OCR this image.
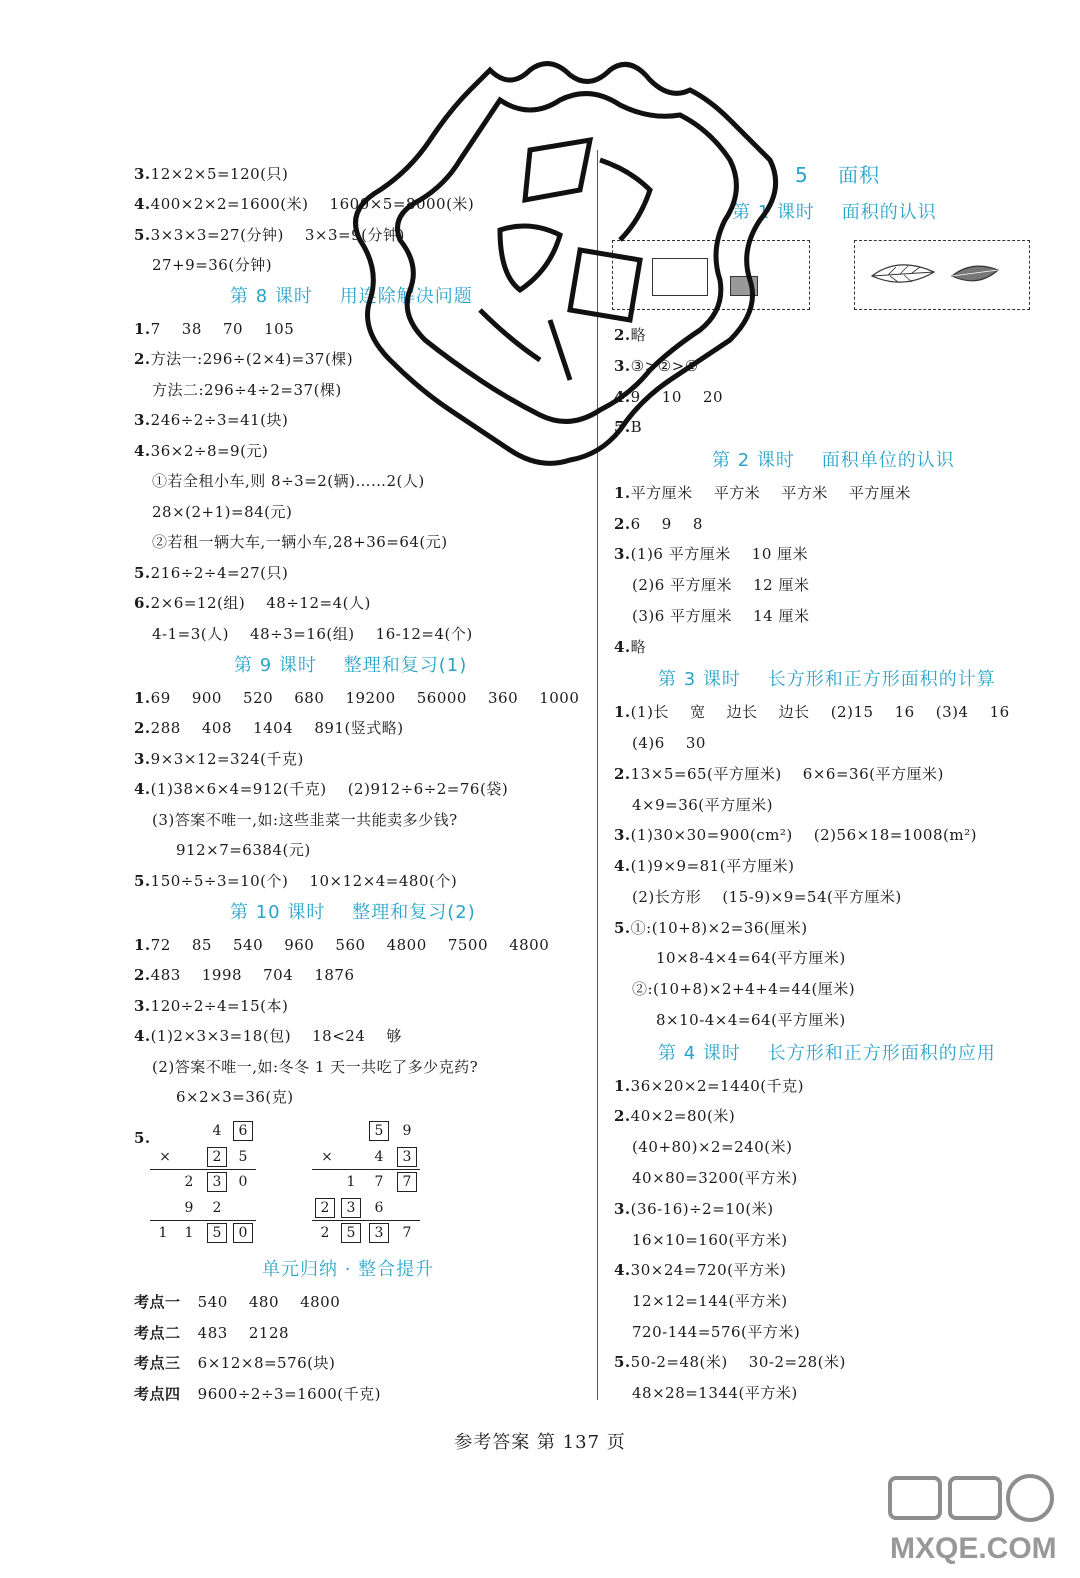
3.12×2×5=120(只)
4.400×2×2=1600(米)    1600×5=8000(米)
5.3×3×3=27(分钟)    3×3=9(分钟)
27+9=36(分钟)
第 8 课时    用连除解决问题
1.7    38    70    105
2.方法一:296÷(2×4)=37(棵)
方法二:296÷4÷2=37(棵)
3.246÷2÷3=41(块)
4.36×2÷8=9(元)
①若全租小车,则 8÷3=2(辆)……2(人)
28×(2+1)=84(元)
②若租一辆大车,一辆小车,28+36=64(元)
5.216÷2÷4=27(只)
6.2×6=12(组)    48÷12=4(人)
4-1=3(人)    48÷3=16(组)    16-12=4(个)
第 9 课时    整理和复习(1)
1.69    900    520    680    19200    56000    360    1000
2.288    408    1404    891(竖式略)
3.9×3×12=324(千克)
4.(1)38×6×4=912(千克)    (2)912÷6÷2=76(袋)
(3)答案不唯一,如:这些韭菜一共能卖多少钱?
912×7=6384(元)
5.150÷5÷3=10(个)    10×12×4=480(个)
第 10 课时    整理和复习(2)
1.72    85    540    960    560    4800    7500    4800
2.483    1998    704    1876
3.120÷2÷4=15(本)
4.(1)2×3×3=18(包)    18<24    够
(2)答案不唯一,如:冬冬 1 天一共吃了多少克药?
6×2×3=36(克)
5.
单元归纳 · 整合提升
考点一   540    480    4800
考点二   483    2128
考点三   6×12×8=576(块)
考点四   9600÷2÷3=1600(千克)
5    面积
第 1 课时    面积的认识
2.略
3.③>②>①
4.9    10    20
5.B
第 2 课时    面积单位的认识
1.平方厘米    平方米    平方米    平方厘米
2.6    9    8
3.(1)6 平方厘米    10 厘米
(2)6 平方厘米    12 厘米
(3)6 平方厘米    14 厘米
4.略
第 3 课时    长方形和正方形面积的计算
1.(1)长    宽    边长    边长    (2)15    16    (3)4    16
(4)6    30
2.13×5=65(平方厘米)    6×6=36(平方厘米)
4×9=36(平方厘米)
3.(1)30×30=900(cm²)    (2)56×18=1008(m²)
4.(1)9×9=81(平方厘米)
(2)长方形    (15-9)×9=54(平方厘米)
5.①:(10+8)×2=36(厘米)
10×8-4×4=64(平方厘米)
②:(10+8)×2+4+4=44(厘米)
8×10-4×4=64(平方厘米)
第 4 课时    长方形和正方形面积的应用
1.36×20×2=1440(千克)
2.40×2=80(米)
(40+80)×2=240(米)
40×80=3200(平方米)
3.(36-16)÷2=10(米)
16×10=160(平方米)
4.30×24=720(平方米)
12×12=144(平方米)
720-144=576(平方米)
5.50-2=48(米)    30-2=28(米)
48×28=1344(平方米)
4	6
×	2	5
2	3	0
9	2
1	1	5	0
5	9
×	4	3
1	7	7
2	3	6
2	5	3	7
参考答案 第 137 页
MXQE.COM
